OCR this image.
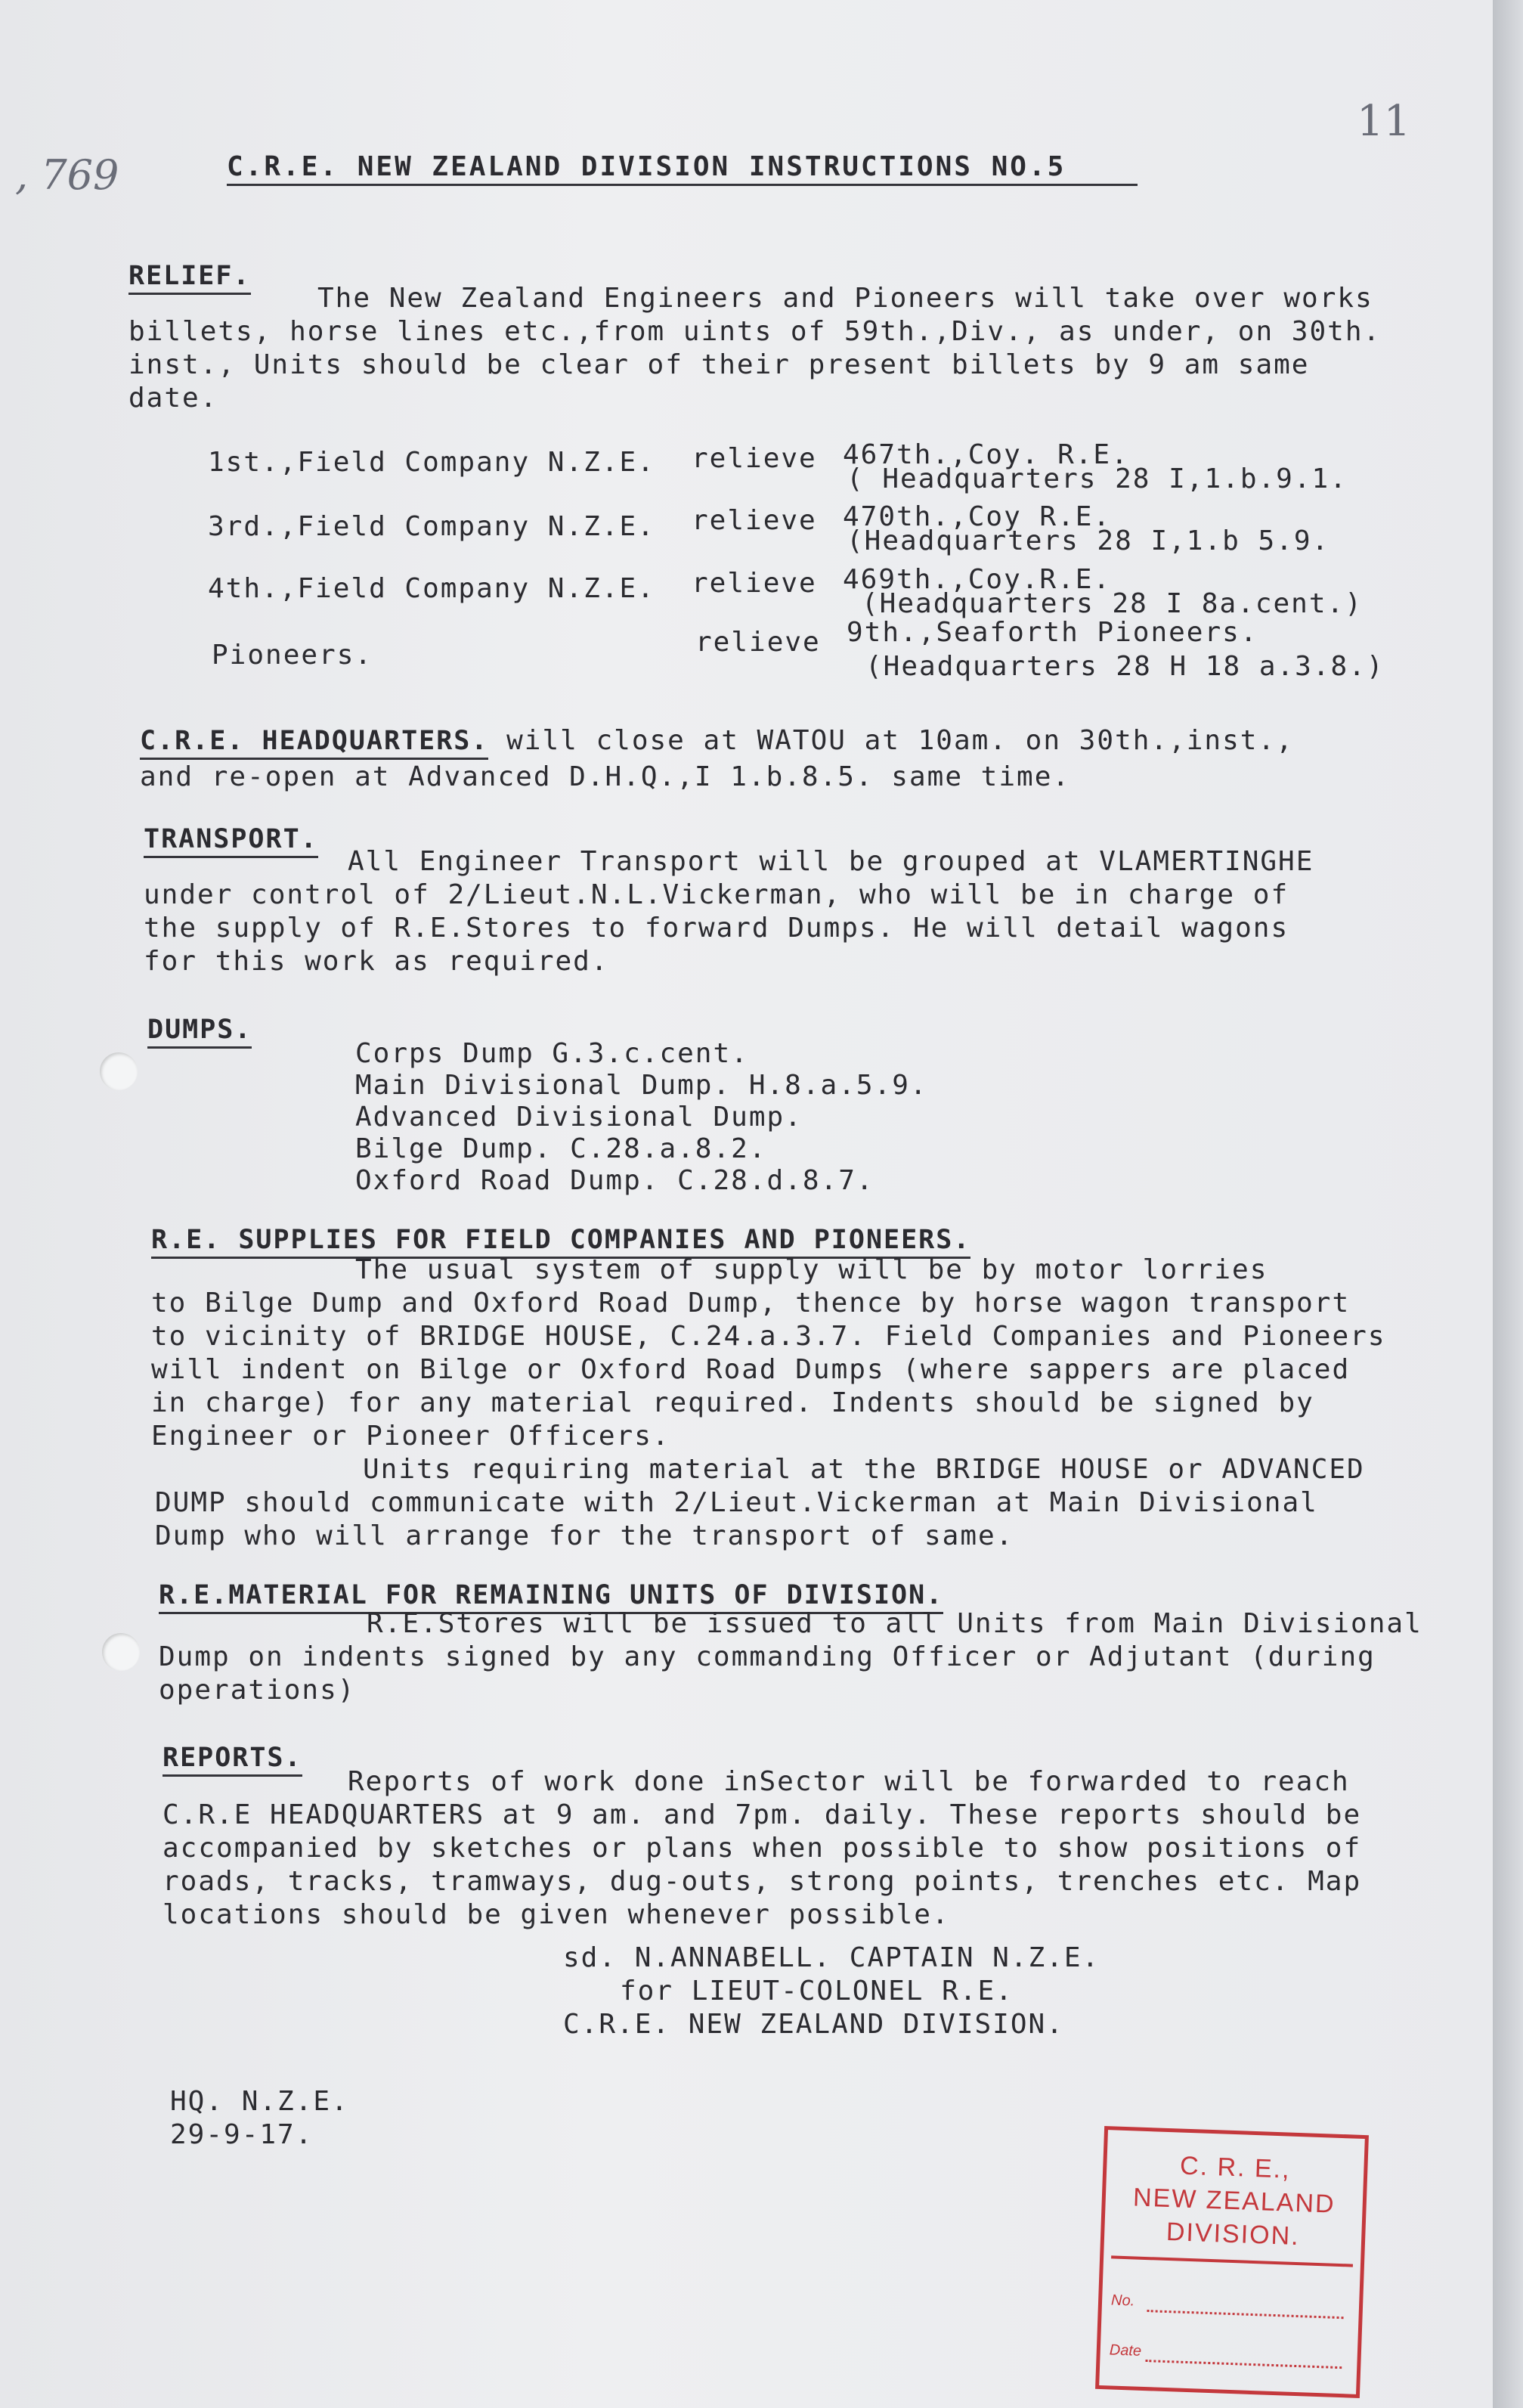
, 769
11
C.R.E. NEW ZEALAND DIVISION INSTRUCTIONS NO.5
RELIEF.
The New Zealand Engineers and Pioneers will take over works
billets, horse lines etc.,from uints of 59th.,Div., as under, on 30th.
inst., Units should be clear of their present billets by 9 am same
date.
1st.,Field Company N.Z.E. relieve 467th.,Coy. R.E.
( Headquarters 28 I,1.b.9.1.
3rd.,Field Company N.Z.E. relieve 470th.,Coy R.E.
(Headquarters 28 I,1.b 5.9.
4th.,Field Company N.Z.E. relieve 469th.,Coy.R.E.
(Headquarters 28 I 8a.cent.)
Pioneers.	relieve 9th.,Seaforth Pioneers.
(Headquarters 28 H 18 a.3.8.)
C.R.E. HEADQUARTERS. will close at WATOU at 10am. on 30th.,inst.,
and re-open at Advanced D.H.Q.,I 1.b.8.5. same time.
TRANSPORT.
All Engineer Transport will be grouped at VLAMERTINGHE
under control of 2/Lieut.N.L.Vickerman, who will be in charge of
the supply of R.E.Stores to forward Dumps. He will detail wagons
for this work as required.
DUMPS.
Corps Dump G.3.c.cent.
Main Divisional Dump. H.8.a.5.9.
Advanced Divisional Dump.
Bilge Dump. C.28.a.8.2.
Oxford Road Dump. C.28.d.8.7.
R.E. SUPPLIES FOR FIELD COMPANIES AND PIONEERS.
The usual system of supply will be by motor lorries
to Bilge Dump and Oxford Road Dump, thence by horse wagon transport
to vicinity of BRIDGE HOUSE, C.24.a.3.7. Field Companies and Pioneers
will indent on Bilge or Oxford Road Dumps (where sappers are placed
in charge) for any material required. Indents should be signed by
Engineer or Pioneer Officers.
Units requiring material at the BRIDGE HOUSE or ADVANCED
DUMP should communicate with 2/Lieut.Vickerman at Main Divisional
Dump who will arrange for the transport of same.
R.E.MATERIAL FOR REMAINING UNITS OF DIVISION.
R.E.Stores will be issued to all Units from Main Divisional
Dump on indents signed by any commanding Officer or Adjutant (during
operations)
REPORTS.
Reports of work done inSector will be forwarded to reach
C.R.E HEADQUARTERS at 9 am. and 7pm. daily. These reports should be
accompanied by sketches or plans when possible to show positions of
roads, tracks, tramways, dug-outs, strong points, trenches etc. Map
locations should be given whenever possible.
sd. N.ANNABELL. CAPTAIN N.Z.E.
for LIEUT-COLONEL R.E.
C.R.E. NEW ZEALAND DIVISION.
HQ. N.Z.E.
29-9-17.
C. R. E.,
NEW ZEALAND
DIVISION.
No.
Date
